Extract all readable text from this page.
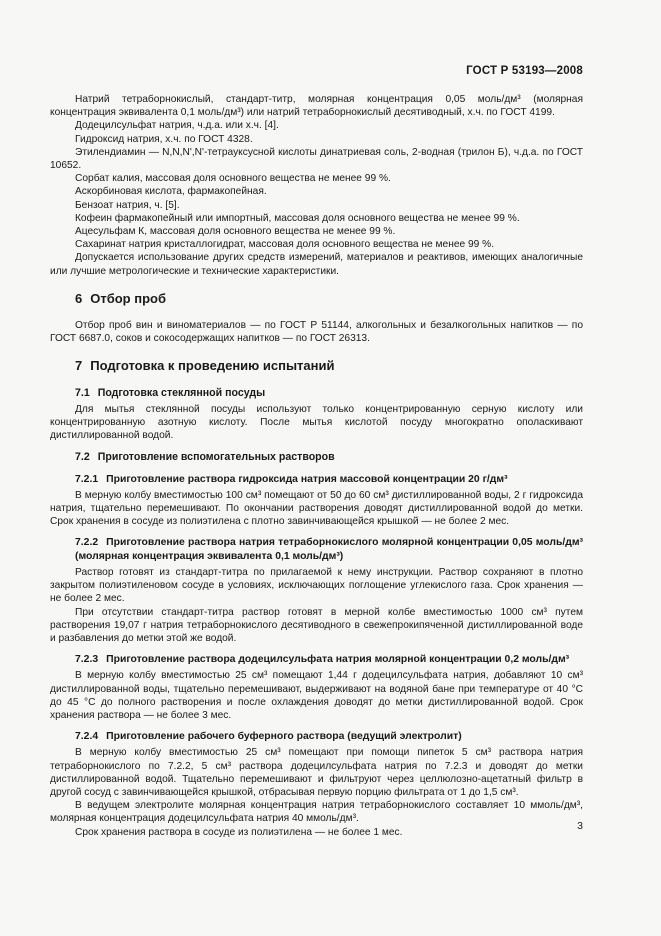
ГОСТ Р 53193—2008

Натрий тетраборнокислый, стандарт-титр, молярная концентрация 0,05 моль/дм³ (молярная концентрация эквивалента 0,1 моль/дм³) или натрий тетраборнокислый десятиводный, х.ч. по ГОСТ 4199.

Додецилсульфат натрия, ч.д.а. или х.ч. [4].

Гидроксид натрия, х.ч. по ГОСТ 4328.

Этилендиамин — N,N,N',N'-тетрауксусной кислоты динатриевая соль, 2-водная (трилон Б), ч.д.а. по ГОСТ 10652.

Сорбат калия, массовая доля основного вещества не менее 99 %.

Аскорбиновая кислота, фармакопейная.

Бензоат натрия, ч. [5].

Кофеин фармакопейный или импортный, массовая доля основного вещества не менее 99 %.

Ацесульфам К, массовая доля основного вещества не менее 99 %.

Сахаринат натрия кристаллогидрат, массовая доля основного вещества не менее 99 %.

Допускается использование других средств измерений, материалов и реактивов, имеющих аналогичные или лучшие метрологические и технические характеристики.

6 Отбор проб

Отбор проб вин и виноматериалов — по ГОСТ Р 51144, алкогольных и безалкогольных напитков — по ГОСТ 6687.0, соков и сокосодержащих напитков — по ГОСТ 26313.

7 Подготовка к проведению испытаний
7.1 Подготовка стеклянной посуды

Для мытья стеклянной посуды используют только концентрированную серную кислоту или концентрированную азотную кислоту. После мытья кислотой посуду многократно ополаскивают дистиллированной водой.

7.2 Приготовление вспомогательных растворов
7.2.1 Приготовление раствора гидроксида натрия массовой концентрации 20 г/дм³

В мерную колбу вместимостью 100 см³ помещают от 50 до 60 см³ дистиллированной воды, 2 г гидроксида натрия, тщательно перемешивают. По окончании растворения доводят дистиллированной водой до метки. Срок хранения в сосуде из полиэтилена с плотно завинчивающейся крышкой — не более 2 мес.

7.2.2 Приготовление раствора натрия тетраборнокислого молярной концентрации 0,05 моль/дм³ (молярная концентрация эквивалента 0,1 моль/дм³)

Раствор готовят из стандарт-титра по прилагаемой к нему инструкции. Раствор сохраняют в плотно закрытом полиэтиленовом сосуде в условиях, исключающих поглощение углекислого газа. Срок хранения — не более 2 мес.

При отсутствии стандарт-титра раствор готовят в мерной колбе вместимостью 1000 см³ путем растворения 19,07 г натрия тетраборнокислого десятиводного в свежепрокипяченной дистиллированной воде и разбавления до метки этой же водой.

7.2.3 Приготовление раствора додецилсульфата натрия молярной концентрации 0,2 моль/дм³

В мерную колбу вместимостью 25 см³ помещают 1,44 г додецилсульфата натрия, добавляют 10 см³ дистиллированной воды, тщательно перемешивают, выдерживают на водяной бане при температуре от 40 °С до 45 °С до полного растворения и после охлаждения доводят до метки дистиллированной водой. Срок хранения раствора — не более 3 мес.

7.2.4 Приготовление рабочего буферного раствора (ведущий электролит)

В мерную колбу вместимостью 25 см³ помещают при помощи пипеток 5 см³ раствора натрия тетраборнокислого по 7.2.2, 5 см³ раствора додецилсульфата натрия по 7.2.3 и доводят до метки дистиллированной водой. Тщательно перемешивают и фильтруют через целлюлозно-ацетатный фильтр в другой сосуд с завинчивающейся крышкой, отбрасывая первую порцию фильтрата от 1 до 1,5 см³.

В ведущем электролите молярная концентрация натрия тетраборнокислого составляет 10 ммоль/дм³, молярная концентрация додецилсульфата натрия 40 ммоль/дм³.

Срок хранения раствора в сосуде из полиэтилена — не более 1 мес.

3
